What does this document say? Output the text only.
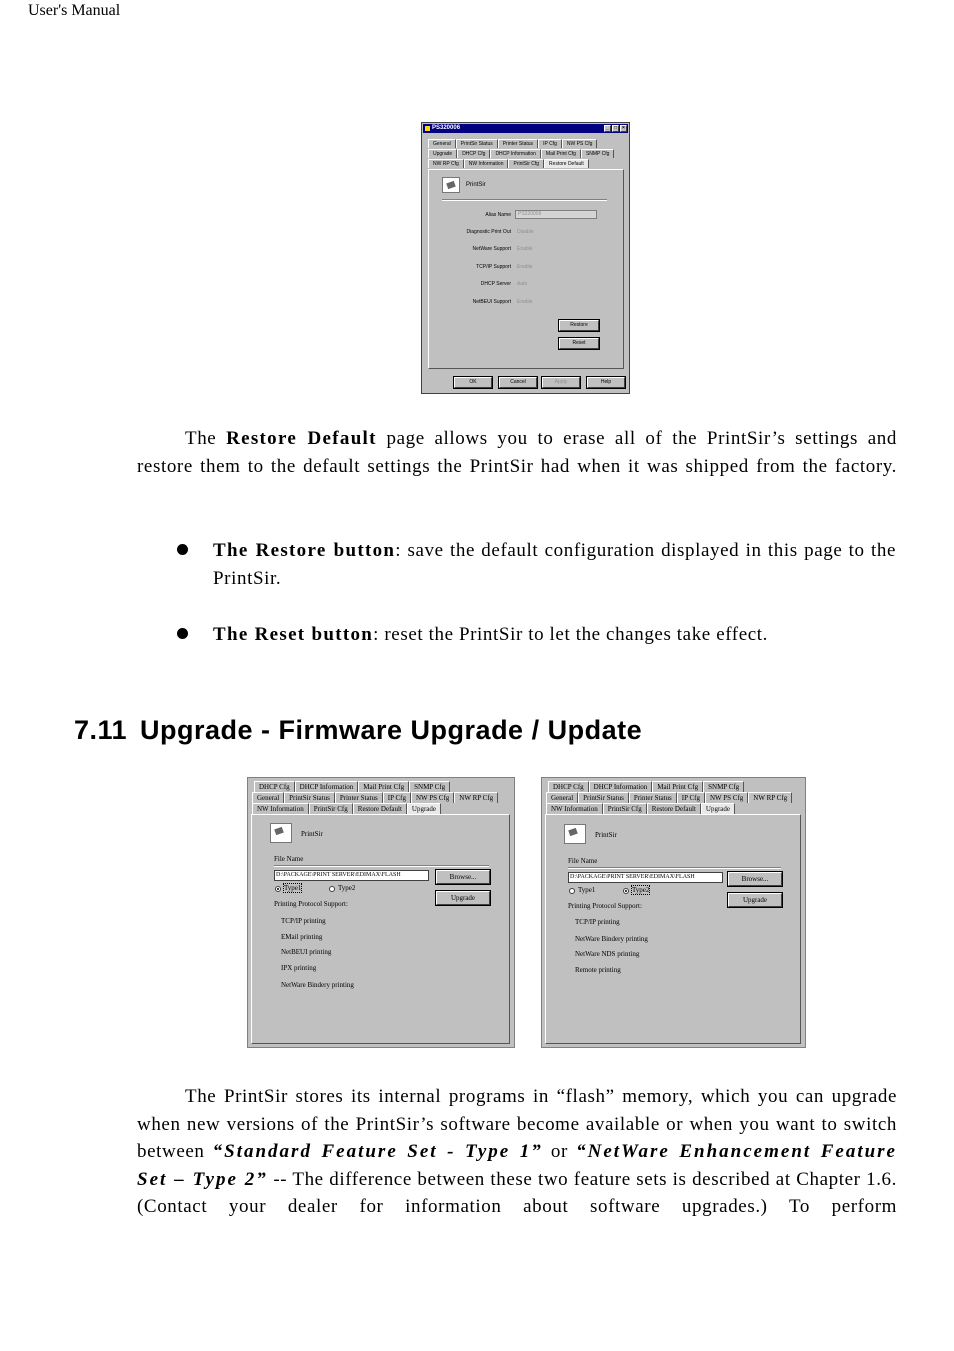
User's Manual
PS320006	_	□	×
General	PrintSir Status	Printer Status	IP Cfg	NW PS Cfg
Upgrade	DHCP Cfg	DHCP Information	Mail Print Cfg	SNMP Cfg
NW RP Cfg	NW Information	PrintSir Cfg	Restore Default
PrintSir
Alias Name	PS320006
Diagnostic Print Out Disable
NetWare Support Enable
TCP/IP Support Enable
DHCP Server Auto
NetBEUI Support Enable
Restore
Reset
OK	Cancel	Apply	Help
The Restore Default page allows you to erase all of the PrintSir’s settings and restore them to the default settings the PrintSir had when it was shipped from the factory.
The Restore button: save the default configuration displayed in this page to the PrintSir.
The Reset button: reset the PrintSir to let the changes take effect.
7.11 Upgrade - Firmware Upgrade / Update
DHCP Cfg	DHCP Information	Mail Print Cfg	SNMP Cfg
General	PrintSir Status	Printer Status	IP Cfg	NW PS Cfg	NW RP Cfg
NW Information	PrintSir Cfg	Restore Default	Upgrade
PrintSir
File Name
D:\PACKAGE\PRINT SERVER\EDIMAX\FLASH	Browse...
Upgrade
Type1	Type2
Printing Protocol Support:
TCP/IP printing
EMail printing
NetBEUI printing
IPX printing
NetWare Bindery printing
DHCP Cfg	DHCP Information	Mail Print Cfg	SNMP Cfg
General	PrintSir Status	Printer Status	IP Cfg	NW PS Cfg	NW RP Cfg
NW Information	PrintSir Cfg	Restore Default	Upgrade
PrintSir
File Name
D:\PACKAGE\PRINT SERVER\EDIMAX\FLASH	Browse...
Upgrade
Type1	Type2
Printing Protocol Support:
TCP/IP printing
NetWare Bindery printing
NetWare NDS printing
Remote printing
The PrintSir stores its internal programs in “flash” memory, which you can upgrade when new versions of the PrintSir’s software become available or when you want to switch between “Standard Feature Set - Type 1” or “NetWare Enhancement Feature Set – Type 2” -- The difference between these two feature sets is described at Chapter 1.6. (Contact your dealer for information about software upgrades.) To perform
